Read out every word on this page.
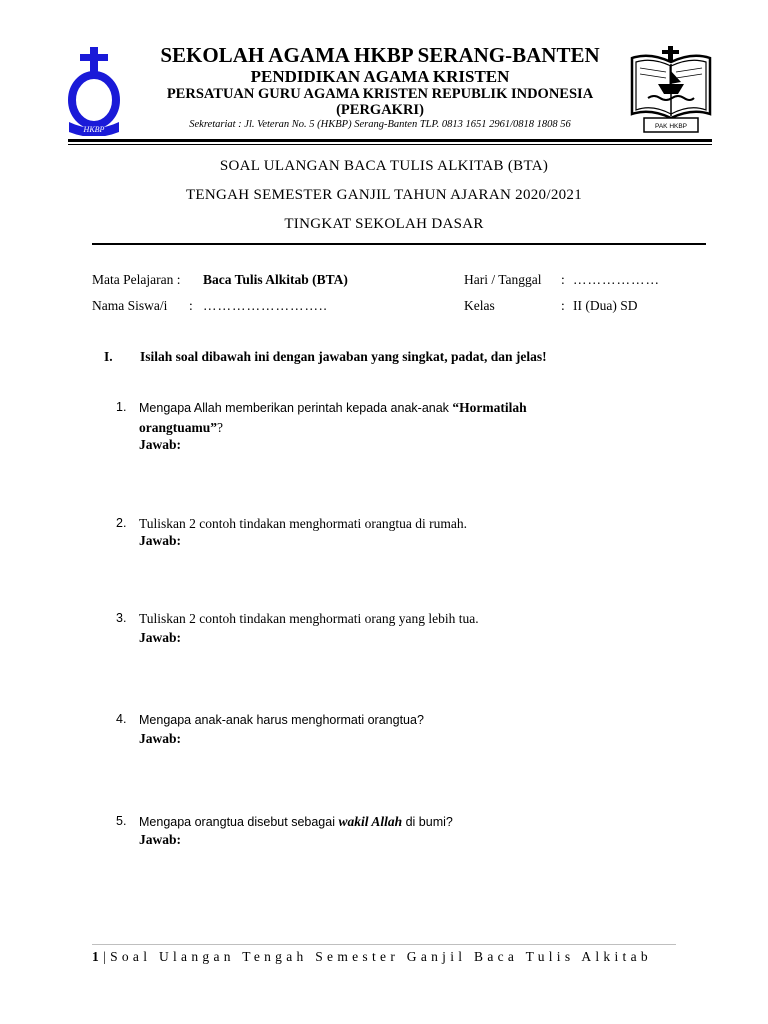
HKBP
SEKOLAH AGAMA HKBP SERANG-BANTEN
PENDIDIKAN AGAMA KRISTEN
PERSATUAN GURU AGAMA KRISTEN REPUBLIK INDONESIA
(PERGAKRI)
Sekretariat : Jl. Veteran No. 5 (HKBP) Serang-Banten TLP. 0813 1651 2961/0818 1808 56	PAK HKBP
SOAL ULANGAN BACA TULIS ALKITAB (BTA)
TENGAH SEMESTER GANJIL TAHUN AJARAN 2020/2021
TINGKAT SEKOLAH DASAR
Mata Pelajaran : Baca Tulis Alkitab (BTA)
Nama Siswa/i : ……………………..
Hari / Tanggal : ………………
Kelas	: II (Dua) SD
I. Isilah soal dibawah ini dengan jawaban yang singkat, padat, dan jelas!
1. Mengapa Allah memberikan perintah kepada anak-anak “Hormatilah orangtuamu”?
Jawab:
2. Tuliskan 2 contoh tindakan menghormati orangtua di rumah.
Jawab:
3. Tuliskan 2 contoh tindakan menghormati orang yang lebih tua.
Jawab:
4. Mengapa anak-anak harus menghormati orangtua?
Jawab:
5. Mengapa orangtua disebut sebagai wakil Allah di bumi?
Jawab:
1|Soal Ulangan Tengah Semester Ganjil Baca Tulis Alkitab
